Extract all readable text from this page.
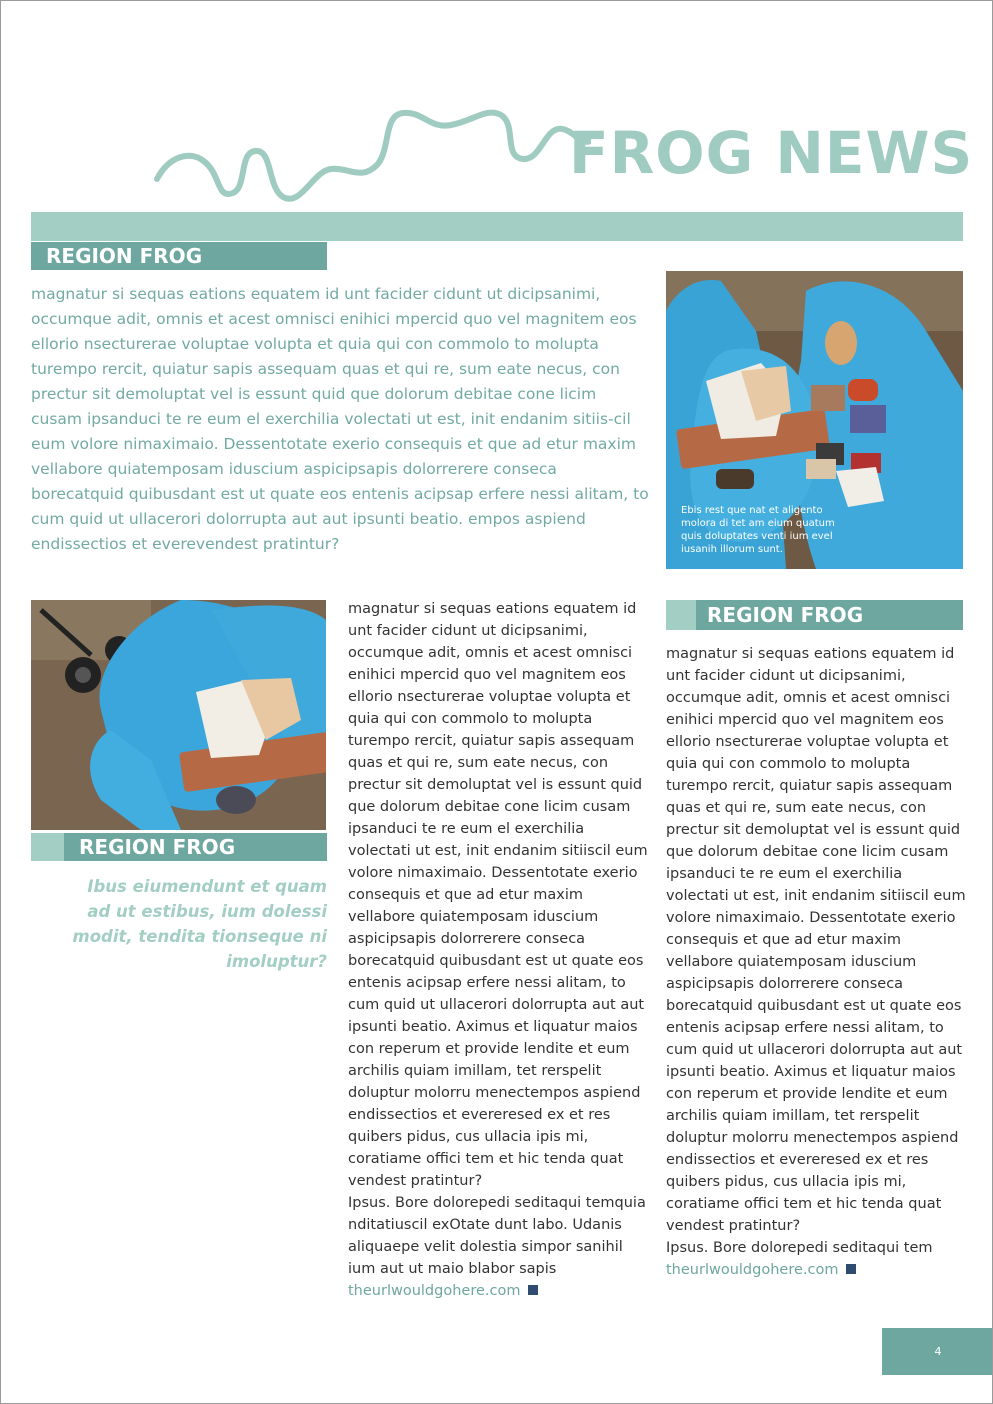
FROG NEWS
REGION FROG

magnatur si sequas eations equatem id unt facider cidunt ut dicipsanimi, occumque adit, omnis et acest omnisci enihici mpercid quo vel magnitem eos ellorio nsecturerae voluptae volupta et quia qui con commolo to molupta turempo rercit, quiatur sapis assequam quas et qui re, sum eate necus, con prectur sit demoluptat vel is essunt quid que dolorum debitae cone licim cusam ipsanduci te re eum el exerchilia volectati ut est, init endanim sitiis-cil eum volore nimaximaio. Dessentotate exerio consequis et que ad etur maxim vellabore quiatemposam iduscium aspicipsapis dolorrerere conseca borecatquid quibusdant est ut quate eos entenis acipsap erfere nessi alitam, to cum quid ut ullacerori dolorrupta aut aut ipsunti beatio. empos aspiend endissectios et everevendest pratintur?

Ebis rest que nat et aligento molora di tet am eium quatum quis doluptates venti ium evel iusanih illorum sunt.

REGION FROG

Ibus eiumendunt et quam ad ut estibus, ium dolessi modit, tendita tionseque ni imoluptur?

magnatur si sequas eations equatem id unt facider cidunt ut dicipsanimi, occumque adit, omnis et acest omnisci enihici mpercid quo vel magnitem eos ellorio nsecturerae voluptae volupta et quia qui con commolo to molupta turempo rercit, quiatur sapis assequam quas et qui re, sum eate necus, con prectur sit demoluptat vel is essunt quid que dolorum debitae cone licim cusam ipsanduci te re eum el exerchilia volectati ut est, init endanim sitiiscil eum volore nimaximaio. Dessentotate exerio consequis et que ad etur maxim vellabore quiatemposam iduscium aspicipsapis dolorrerere conseca borecatquid quibusdant est ut quate eos entenis acipsap erfere nessi alitam, to cum quid ut ullacerori dolorrupta aut aut ipsunti beatio. Aximus et liquatur maios con reperum et provide lendite et eum archilis quiam imillam, tet rerspelit doluptur molorru menectempos aspiend endissectios et evereresed ex et res quibers pidus, cus ullacia ipis mi, coratiame offici tem et hic tenda quat vendest pratintur?

Ipsus. Bore dolorepedi seditaqui temquia nditatiuscil exOtate dunt labo. Udanis aliquaepe velit dolestia simpor sanihil ium aut ut maio blabor sapis

theurlwouldgohere.com

REGION FROG

magnatur si sequas eations equatem id unt facider cidunt ut dicipsanimi, occumque adit, omnis et acest omnisci enihici mpercid quo vel magnitem eos ellorio nsecturerae voluptae volupta et quia qui con commolo to molupta turempo rercit, quiatur sapis assequam quas et qui re, sum eate necus, con prectur sit demoluptat vel is essunt quid que dolorum debitae cone licim cusam ipsanduci te re eum el exerchilia volectati ut est, init endanim sitiiscil eum volore nimaximaio. Dessentotate exerio consequis et que ad etur maxim vellabore quiatemposam iduscium aspicipsapis dolorrerere conseca borecatquid quibusdant est ut quate eos entenis acipsap erfere nessi alitam, to cum quid ut ullacerori dolorrupta aut aut ipsunti beatio. Aximus et liquatur maios con reperum et provide lendite et eum archilis quiam imillam, tet rerspelit doluptur molorru menectempos aspiend endissectios et evereresed ex et res quibers pidus, cus ullacia ipis mi, coratiame offici tem et hic tenda quat vendest pratintur?

Ipsus. Bore dolorepedi seditaqui tem

theurlwouldgohere.com

4
